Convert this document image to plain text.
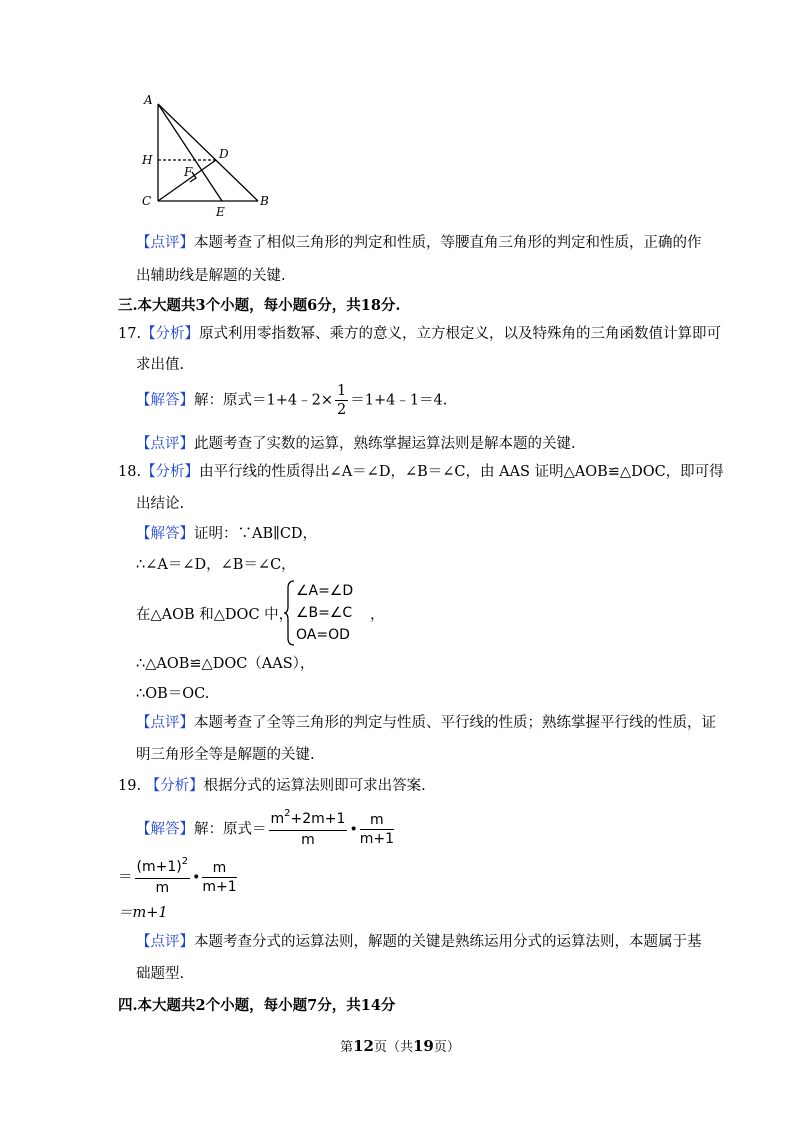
A
H
C
D
F
E
B
【点评】本题考查了相似三角形的判定和性质，等腰直角三角形的判定和性质，正确的作
出辅助线是解题的关键.
三.本大题共3个小题，每小题6分，共18分.
17.【分析】原式利用零指数幂、乘方的意义，立方根定义，以及特殊角的三角函数值计算即可
求出值.
【解答】解：原式＝1+4﹣2× $\frac{1}{2}$ ＝1+4﹣1＝4.
【点评】此题考查了实数的运算，熟练掌握运算法则是解本题的关键.
18.【分析】由平行线的性质得出∠A＝∠D，∠B＝∠C，由 AAS 证明△AOB≌△DOC，即可得
出结论.
【解答】证明：∵AB∥CD，
∴∠A＝∠D，∠B＝∠C，
在△AOB 和△DOC 中，
∠A=∠D
∠B=∠C
OA=OD
，
∴△AOB≌△DOC（AAS），
∴OB＝OC.
【点评】本题考查了全等三角形的判定与性质、平行线的性质；熟练掌握平行线的性质，证
明三角形全等是解题的关键.
19. 【分析】根据分式的运算法则即可求出答案.
【解答】解：原式＝ $\frac{m^2+2m+1}{m}$ • $\frac{m}{m+1}$
＝ $\frac{(m+1)^2}{m}$ • $\frac{m}{m+1}$
＝m+1
【点评】本题考查分式的运算法则，解题的关键是熟练运用分式的运算法则，本题属于基
础题型.
四.本大题共2个小题，每小题7分，共14分
第12页（共19页）
